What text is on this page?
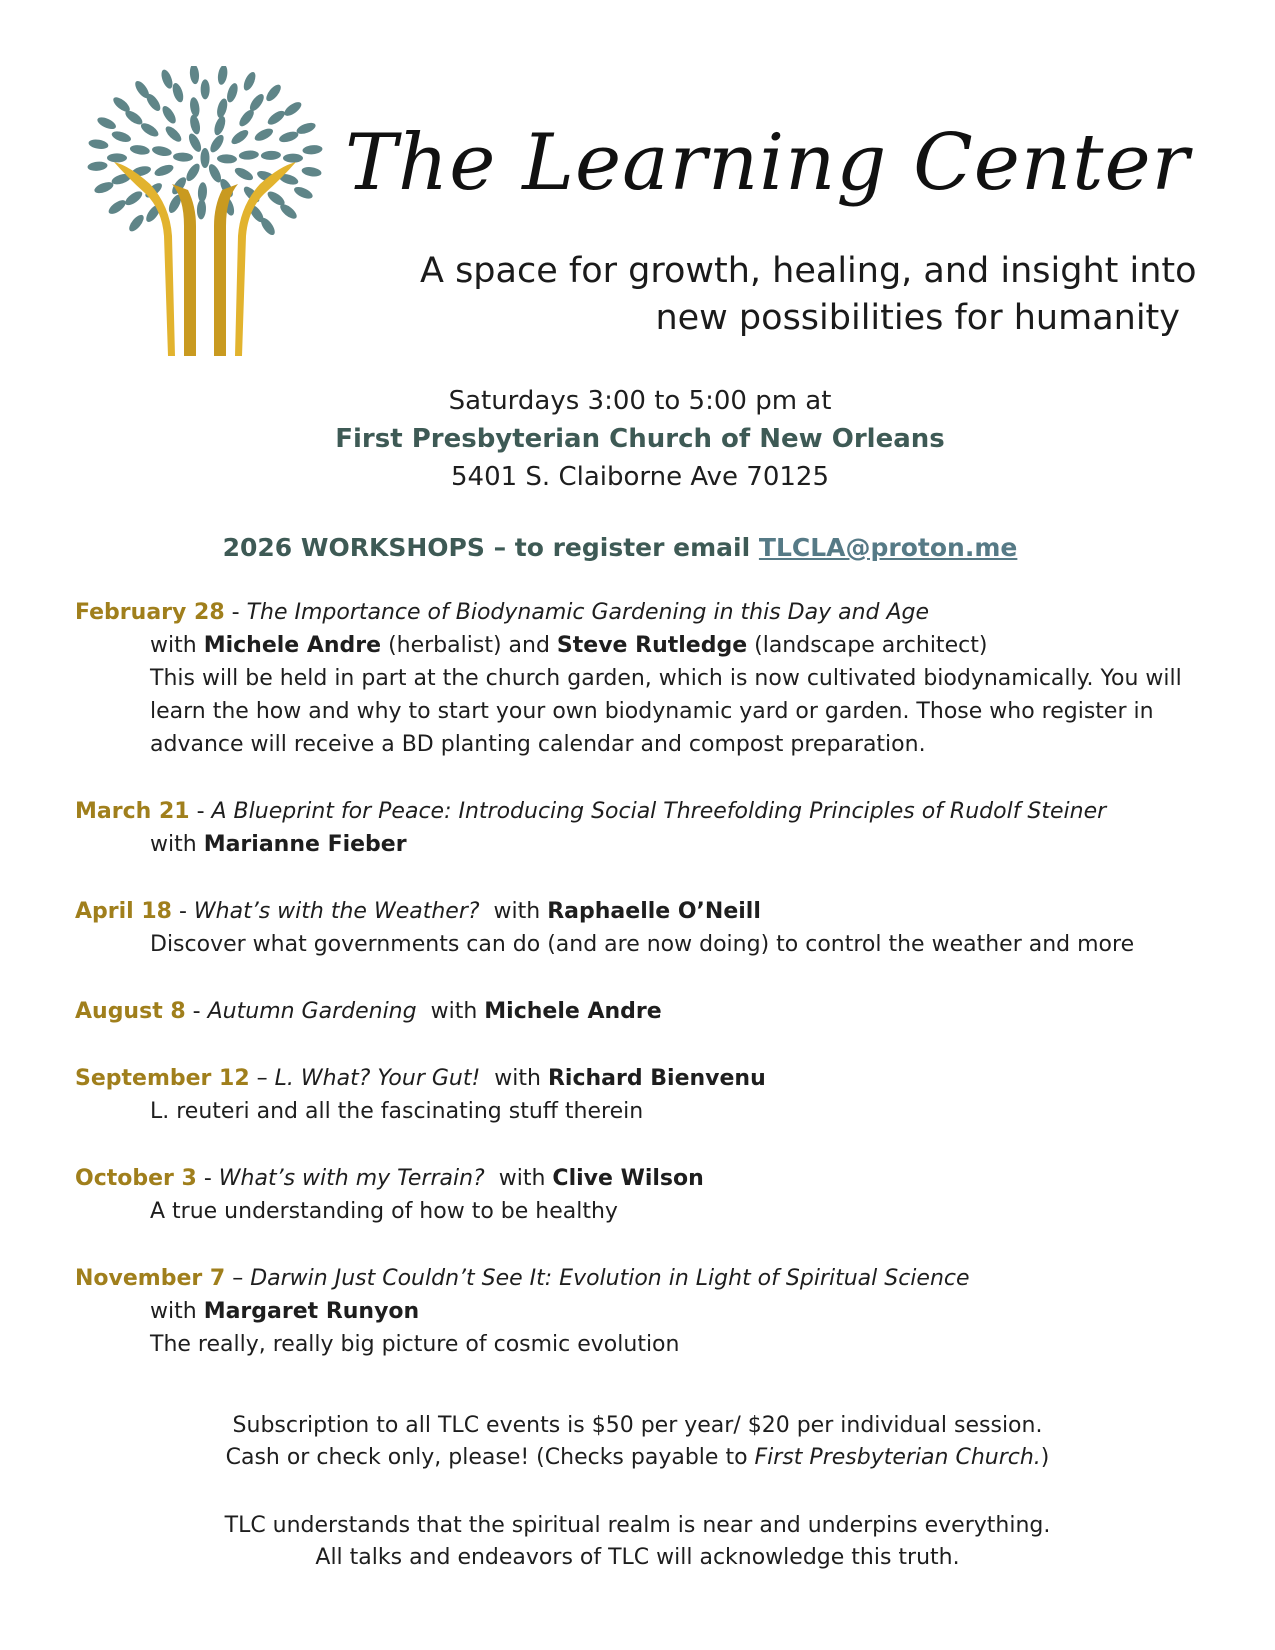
The Learning Center
A space for growth, healing, and insight into
new possibilities for humanity
Saturdays 3:00 to 5:00 pm at
First Presbyterian Church of New Orleans
5401 S. Claiborne Ave 70125
2026 WORKSHOPS – to register email TLCLA@proton.me
February 28 - The Importance of Biodynamic Gardening in this Day and Age
with Michele Andre (herbalist) and Steve Rutledge (landscape architect)
This will be held in part at the church garden, which is now cultivated biodynamically. You will
learn the how and why to start your own biodynamic yard or garden. Those who register in
advance will receive a BD planting calendar and compost preparation.
March 21 - A Blueprint for Peace: Introducing Social Threefolding Principles of Rudolf Steiner
with Marianne Fieber
April 18 - What’s with the Weather? with Raphaelle O’Neill
Discover what governments can do (and are now doing) to control the weather and more
August 8 - Autumn Gardening with Michele Andre
September 12 – L. What? Your Gut! with Richard Bienvenu
L. reuteri and all the fascinating stuff therein
October 3 - What’s with my Terrain? with Clive Wilson
A true understanding of how to be healthy
November 7 – Darwin Just Couldn’t See It: Evolution in Light of Spiritual Science
with Margaret Runyon
The really, really big picture of cosmic evolution
Subscription to all TLC events is $50 per year/ $20 per individual session.
Cash or check only, please! (Checks payable to First Presbyterian Church.)
TLC understands that the spiritual realm is near and underpins everything.
All talks and endeavors of TLC will acknowledge this truth.
